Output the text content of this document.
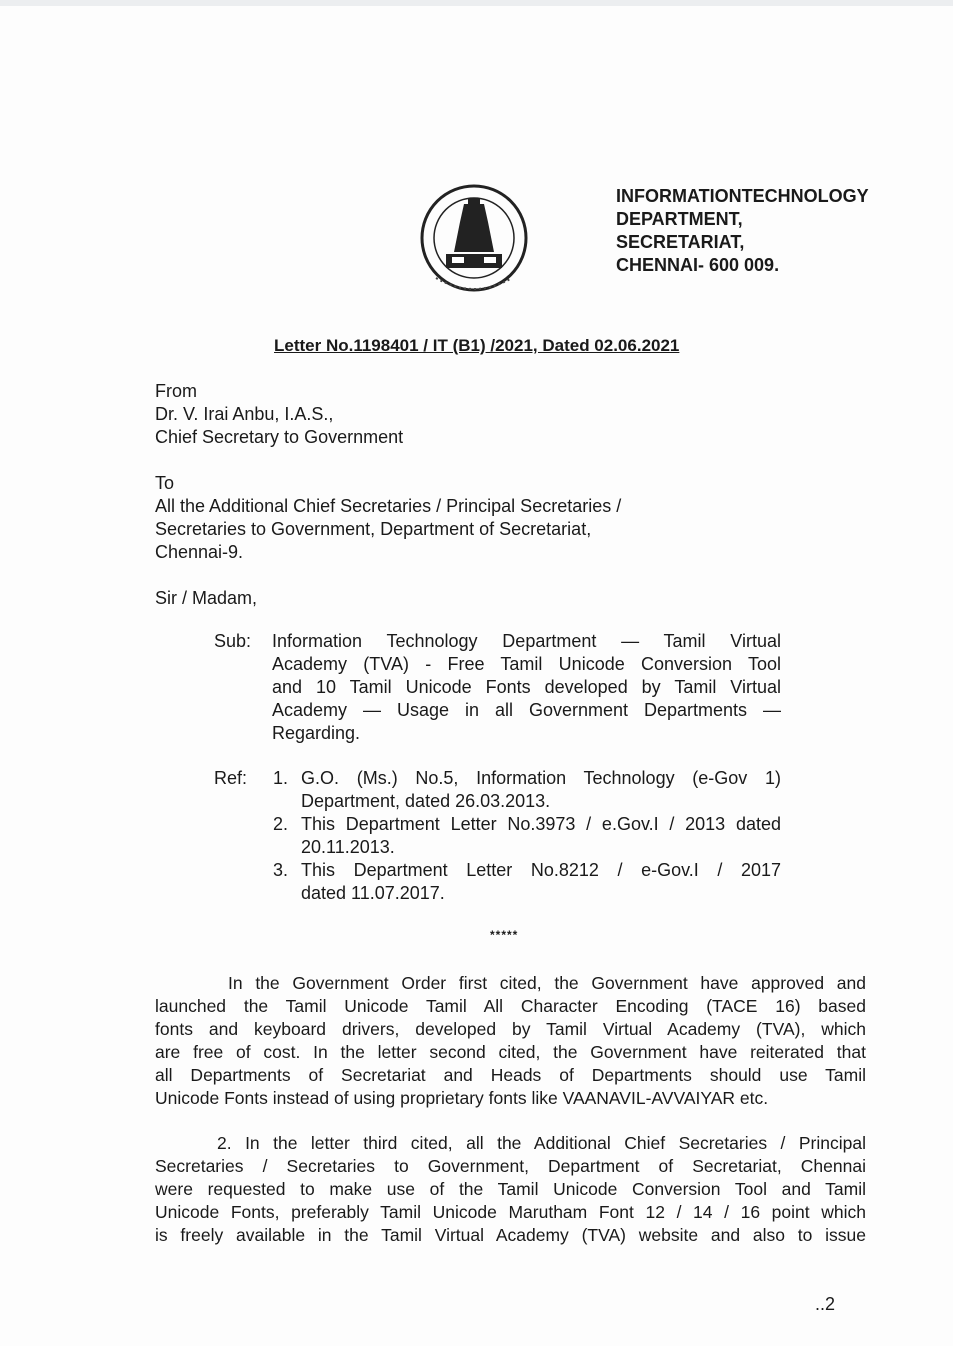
INFORMATIONTECHNOLOGY
DEPARTMENT,
SECRETARIAT,
CHENNAI- 600 009.
Letter No.1198401 / IT (B1) /2021, Dated 02.06.2021
From
Dr. V. Irai Anbu, I.A.S.,
Chief Secretary to Government
To
All the Additional Chief Secretaries / Principal Secretaries /
Secretaries to Government, Department of Secretariat,
Chennai-9.
Sir / Madam,
Sub: Information Technology Department — Tamil Virtual
Academy (TVA) - Free Tamil Unicode Conversion Tool
and 10 Tamil Unicode Fonts developed by Tamil Virtual
Academy — Usage in all Government Departments —
Regarding.
Ref: 1. G.O. (Ms.) No.5, Information Technology (e-Gov 1)
Department, dated 26.03.2013.
2. This Department Letter No.3973 / e.Gov.I / 2013 dated
20.11.2013.
3. This Department Letter No.8212 / e-Gov.I / 2017
dated 11.07.2017.
*****
In the Government Order first cited, the Government have approved and
launched the Tamil Unicode Tamil All Character Encoding (TACE 16) based
fonts and keyboard drivers, developed by Tamil Virtual Academy (TVA), which
are free of cost. In the letter second cited, the Government have reiterated that
all Departments of Secretariat and Heads of Departments should use Tamil
Unicode Fonts instead of using proprietary fonts like VAANAVIL-AVVAIYAR etc.
2. In the letter third cited, all the Additional Chief Secretaries / Principal
Secretaries / Secretaries to Government, Department of Secretariat, Chennai
were requested to make use of the Tamil Unicode Conversion Tool and Tamil
Unicode Fonts, preferably Tamil Unicode Marutham Font 12 / 14 / 16 point which
is freely available in the Tamil Virtual Academy (TVA) website and also to issue
..2
